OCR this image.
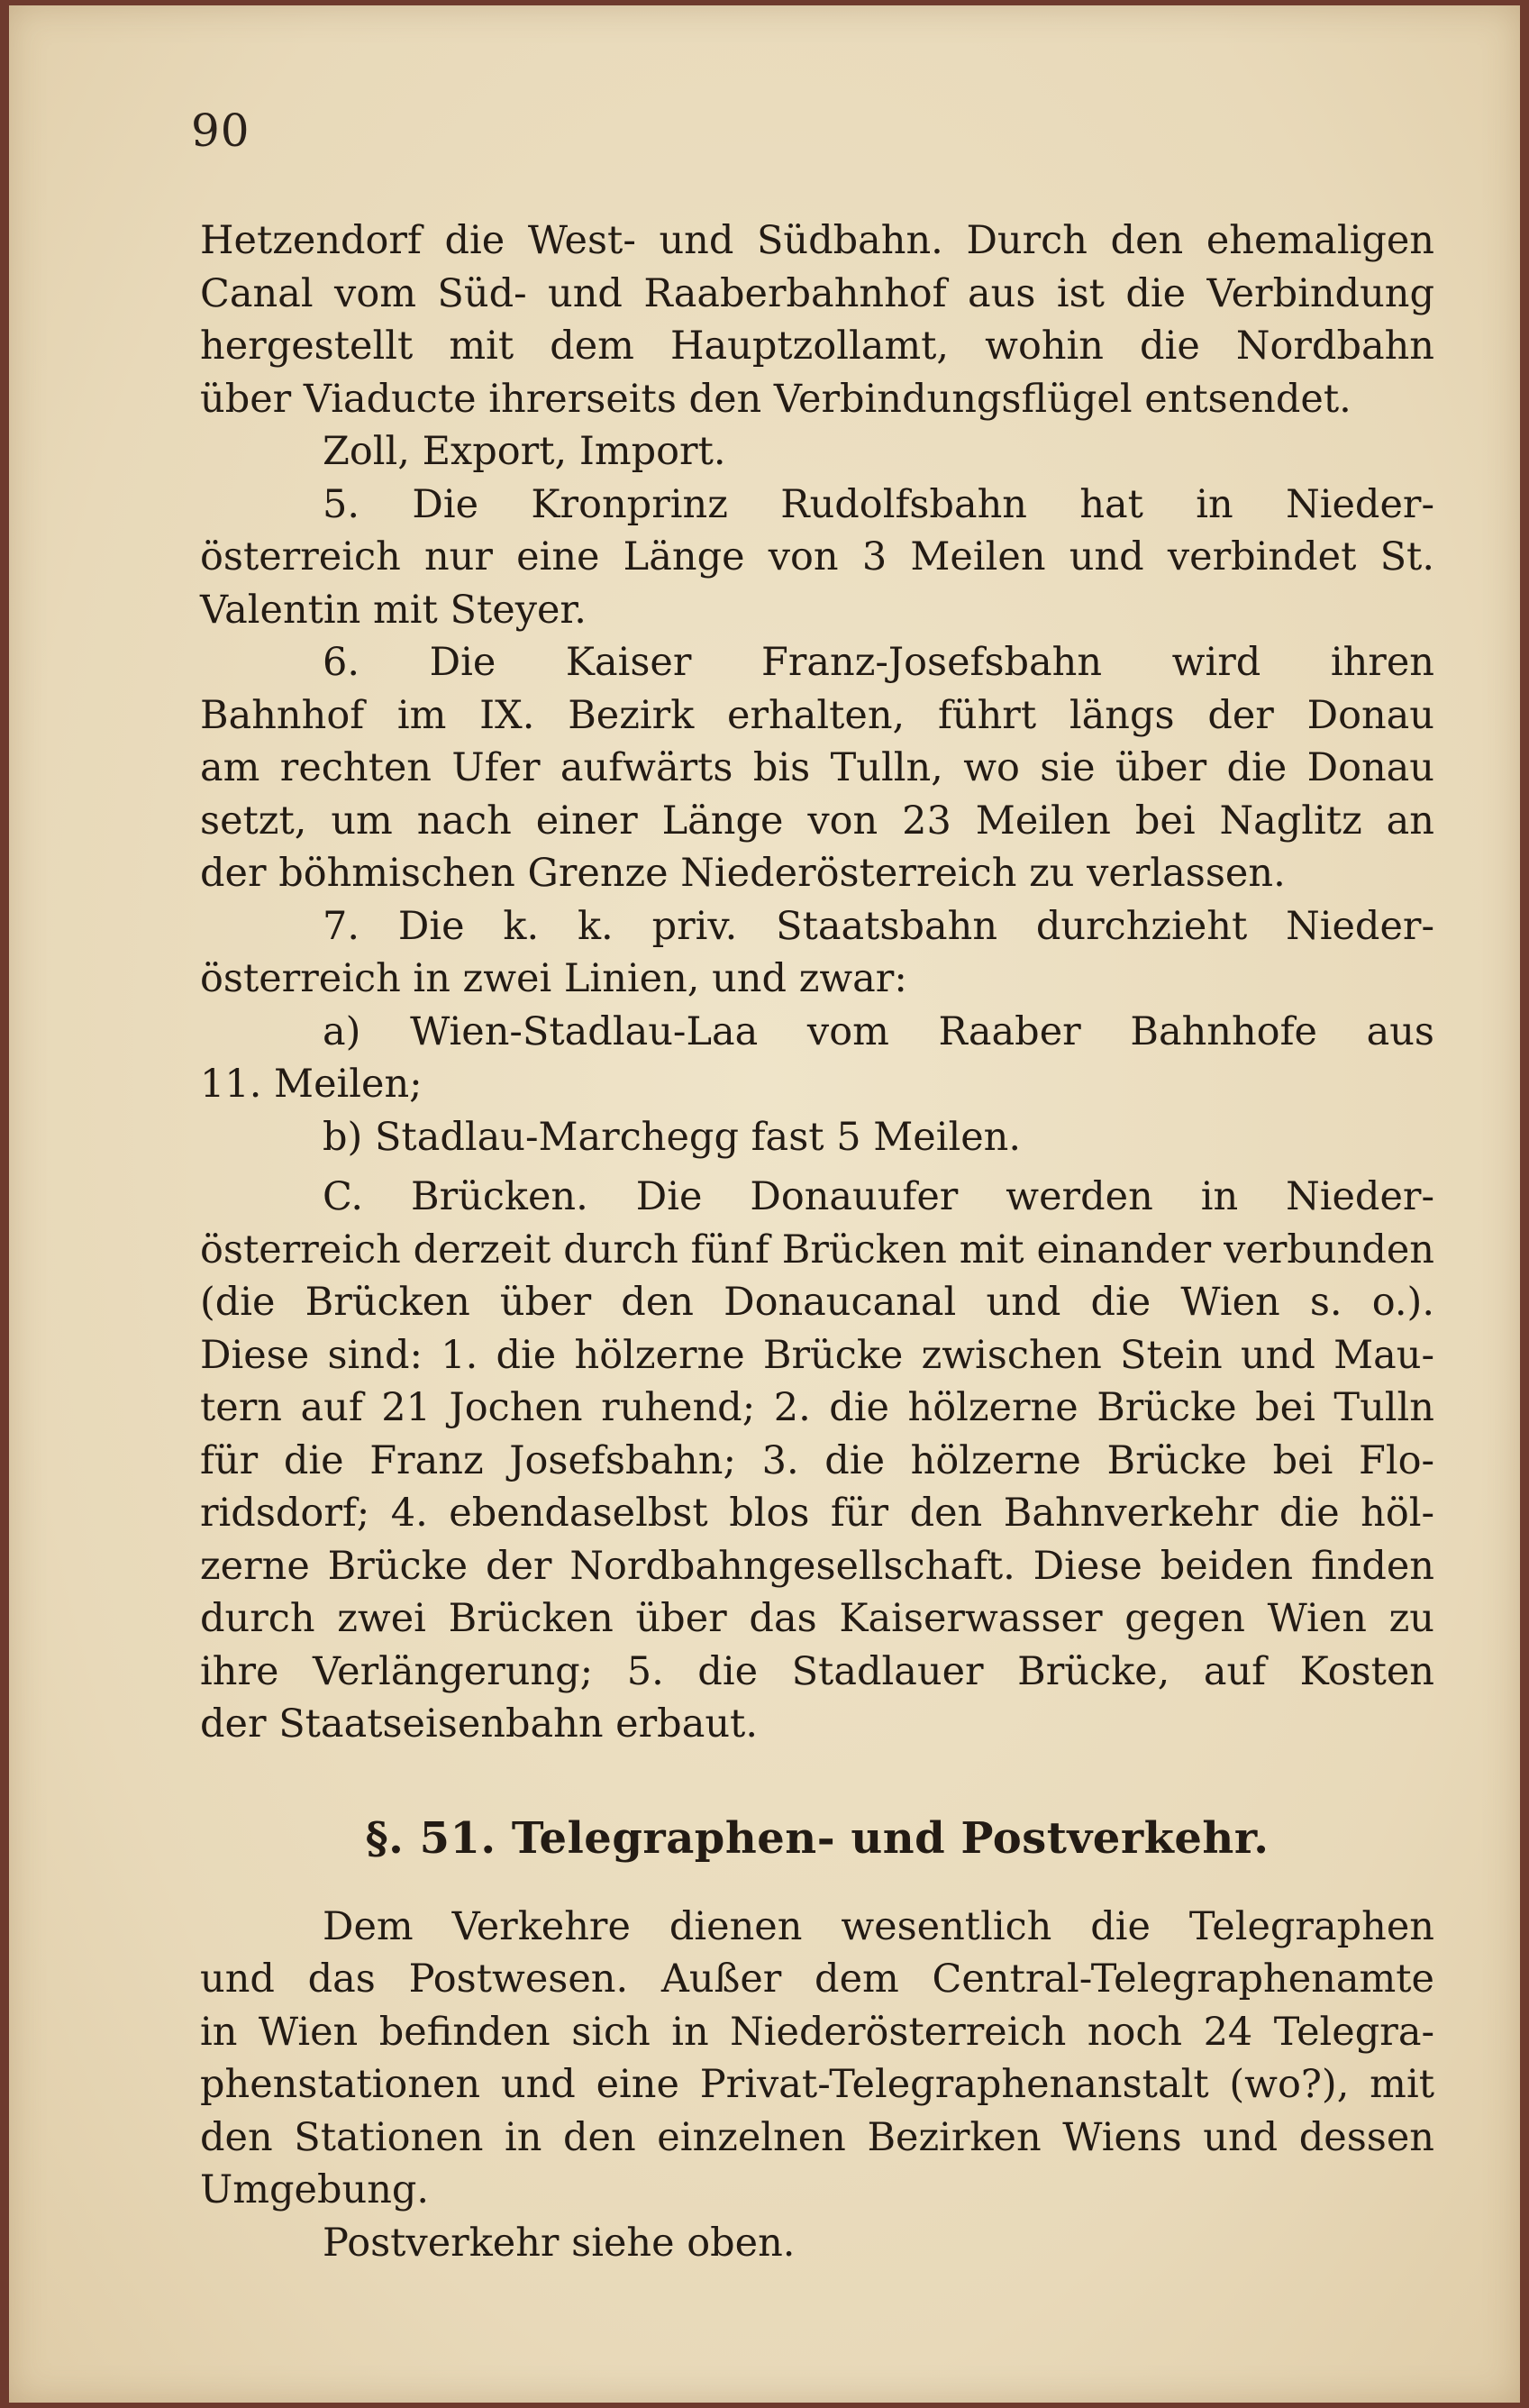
90
Hetzendorf die West- und Südbahn. Durch den ehemaligen
Canal vom Süd- und Raaberbahnhof aus ist die Verbindung
hergestellt mit dem Hauptzollamt, wohin die Nordbahn
über Viaducte ihrerseits den Verbindungsflügel entsendet.
Zoll, Export, Import.
5. Die Kronprinz Rudolfsbahn hat in Nieder-
österreich nur eine Länge von 3 Meilen und verbindet St.
Valentin mit Steyer.
6. Die Kaiser Franz-Josefsbahn wird ihren
Bahnhof im IX. Bezirk erhalten, führt längs der Donau
am rechten Ufer aufwärts bis Tulln, wo sie über die Donau
setzt, um nach einer Länge von 23 Meilen bei Naglitz an
der böhmischen Grenze Niederösterreich zu verlassen.
7. Die k. k. priv. Staatsbahn durchzieht Nieder-
österreich in zwei Linien, und zwar:
a) Wien-Stadlau-Laa vom Raaber Bahnhofe aus
11. Meilen;
b) Stadlau-Marchegg fast 5 Meilen.
C. Brücken. Die Donauufer werden in Nieder-
österreich derzeit durch fünf Brücken mit einander verbunden
(die Brücken über den Donaucanal und die Wien s. o.).
Diese sind: 1. die hölzerne Brücke zwischen Stein und Mau-
tern auf 21 Jochen ruhend; 2. die hölzerne Brücke bei Tulln
für die Franz Josefsbahn; 3. die hölzerne Brücke bei Flo-
ridsdorf; 4. ebendaselbst blos für den Bahnverkehr die höl-
zerne Brücke der Nordbahngesellschaft. Diese beiden finden
durch zwei Brücken über das Kaiserwasser gegen Wien zu
ihre Verlängerung; 5. die Stadlauer Brücke, auf Kosten
der Staatseisenbahn erbaut.
§. 51. Telegraphen- und Postverkehr.
Dem Verkehre dienen wesentlich die Telegraphen
und das Postwesen. Außer dem Central-Telegraphenamte
in Wien befinden sich in Niederösterreich noch 24 Telegra-
phenstationen und eine Privat-Telegraphenanstalt (wo?), mit
den Stationen in den einzelnen Bezirken Wiens und dessen
Umgebung.
Postverkehr siehe oben.
